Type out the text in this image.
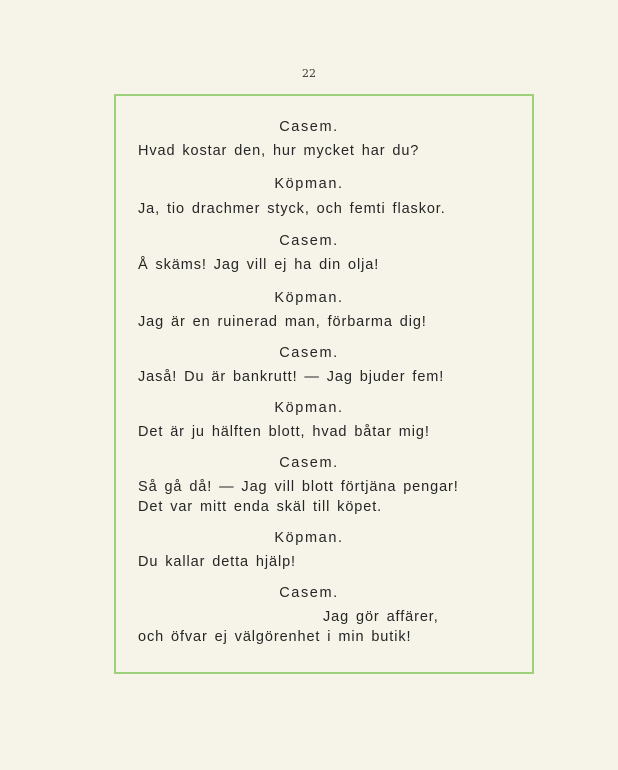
22
Casem.
Hvad kostar den, hur mycket har du?
Köpman.
Ja, tio drachmer styck, och femti flaskor.
Casem.
Å skäms! Jag vill ej ha din olja!
Köpman.
Jag är en ruinerad man, förbarma dig!
Casem.
Jaså! Du är bankrutt! — Jag bjuder fem!
Köpman.
Det är ju hälften blott, hvad båtar mig!
Casem.
Så gå då! — Jag vill blott förtjäna pengar!
Det var mitt enda skäl till köpet.
Köpman.
Du kallar detta hjälp!
Casem.
Jag gör affärer,
och öfvar ej välgörenhet i min butik!
